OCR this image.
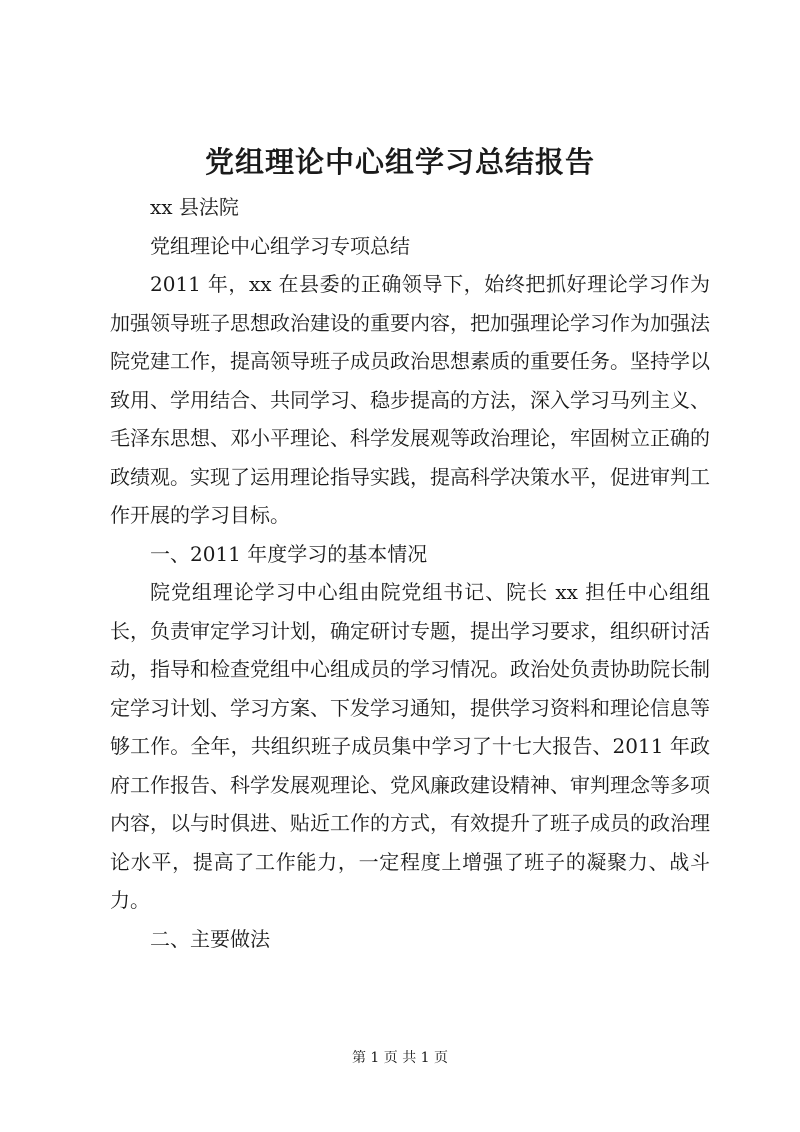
党组理论中心组学习总结报告

xx 县法院

党组理论中心组学习专项总结

2011 年，xx 在县委的正确领导下，始终把抓好理论学习作为加强领导班子思想政治建设的重要内容，把加强理论学习作为加强法院党建工作，提高领导班子成员政治思想素质的重要任务。坚持学以致用、学用结合、共同学习、稳步提高的方法，深入学习马列主义、毛泽东思想、邓小平理论、科学发展观等政治理论，牢固树立正确的政绩观。实现了运用理论指导实践，提高科学决策水平，促进审判工作开展的学习目标。

一、2011 年度学习的基本情况

院党组理论学习中心组由院党组书记、院长 xx 担任中心组组长，负责审定学习计划，确定研讨专题，提出学习要求，组织研讨活动，指导和检查党组中心组成员的学习情况。政治处负责协助院长制定学习计划、学习方案、下发学习通知，提供学习资料和理论信息等够工作。全年，共组织班子成员集中学习了十七大报告、2011 年政府工作报告、科学发展观理论、党风廉政建设精神、审判理念等多项内容，以与时俱进、贴近工作的方式，有效提升了班子成员的政治理论水平，提高了工作能力，一定程度上增强了班子的凝聚力、战斗力。

二、主要做法

第 1 页 共 1 页
